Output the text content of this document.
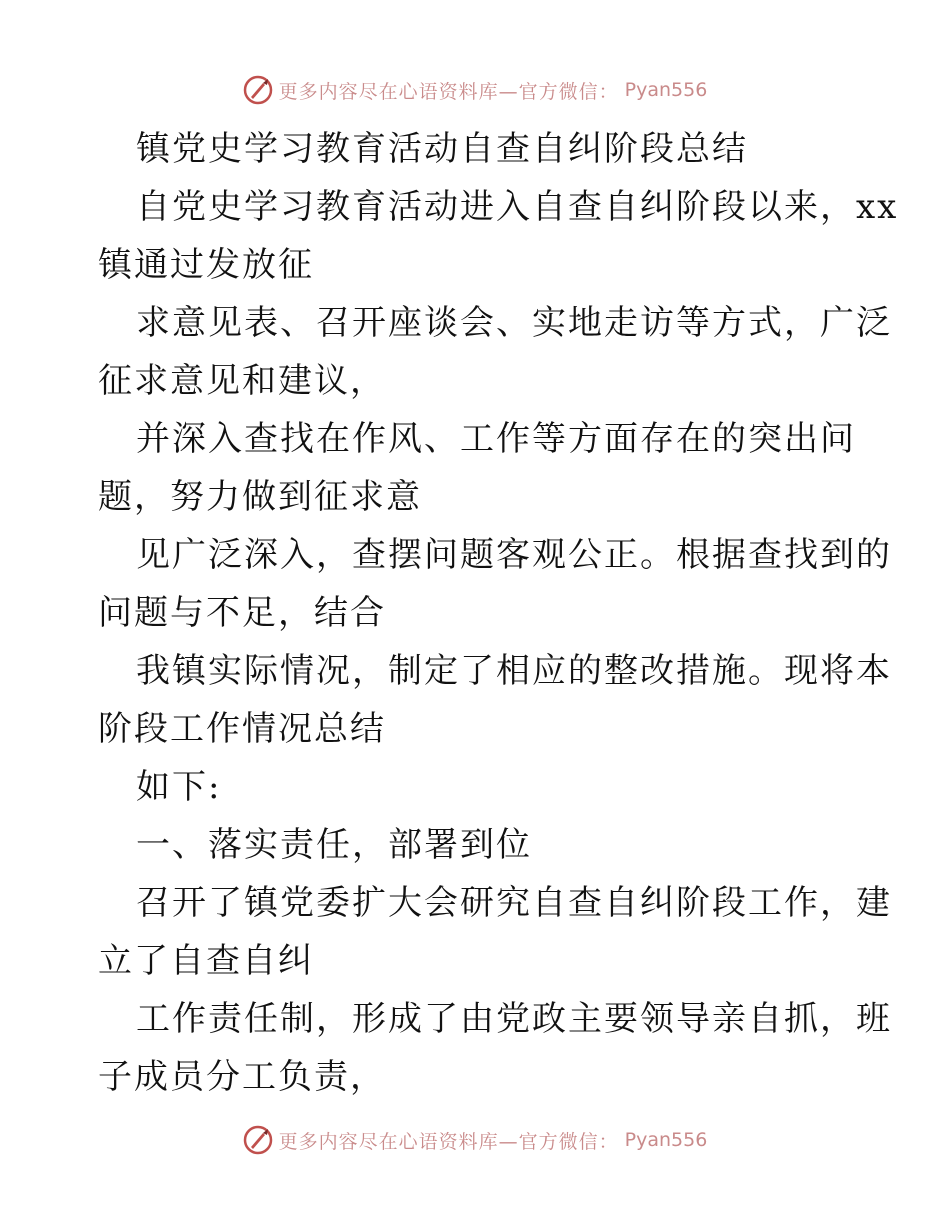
更多内容尽在心语资料库—官方微信： Pyan556
镇党史学习教育活动自查自纠阶段总结
自党史学习教育活动进入自查自纠阶段以来，xx
镇通过发放征
求意见表、召开座谈会、实地走访等方式，广泛
征求意见和建议，
并深入查找在作风、工作等方面存在的突出问
题，努力做到征求意
见广泛深入，查摆问题客观公正。根据查找到的
问题与不足，结合
我镇实际情况，制定了相应的整改措施。现将本
阶段工作情况总结
如下:
一、落实责任，部署到位
召开了镇党委扩大会研究自查自纠阶段工作，建
立了自查自纠
工作责任制，形成了由党政主要领导亲自抓，班
子成员分工负责，
更多内容尽在心语资料库—官方微信： Pyan556
